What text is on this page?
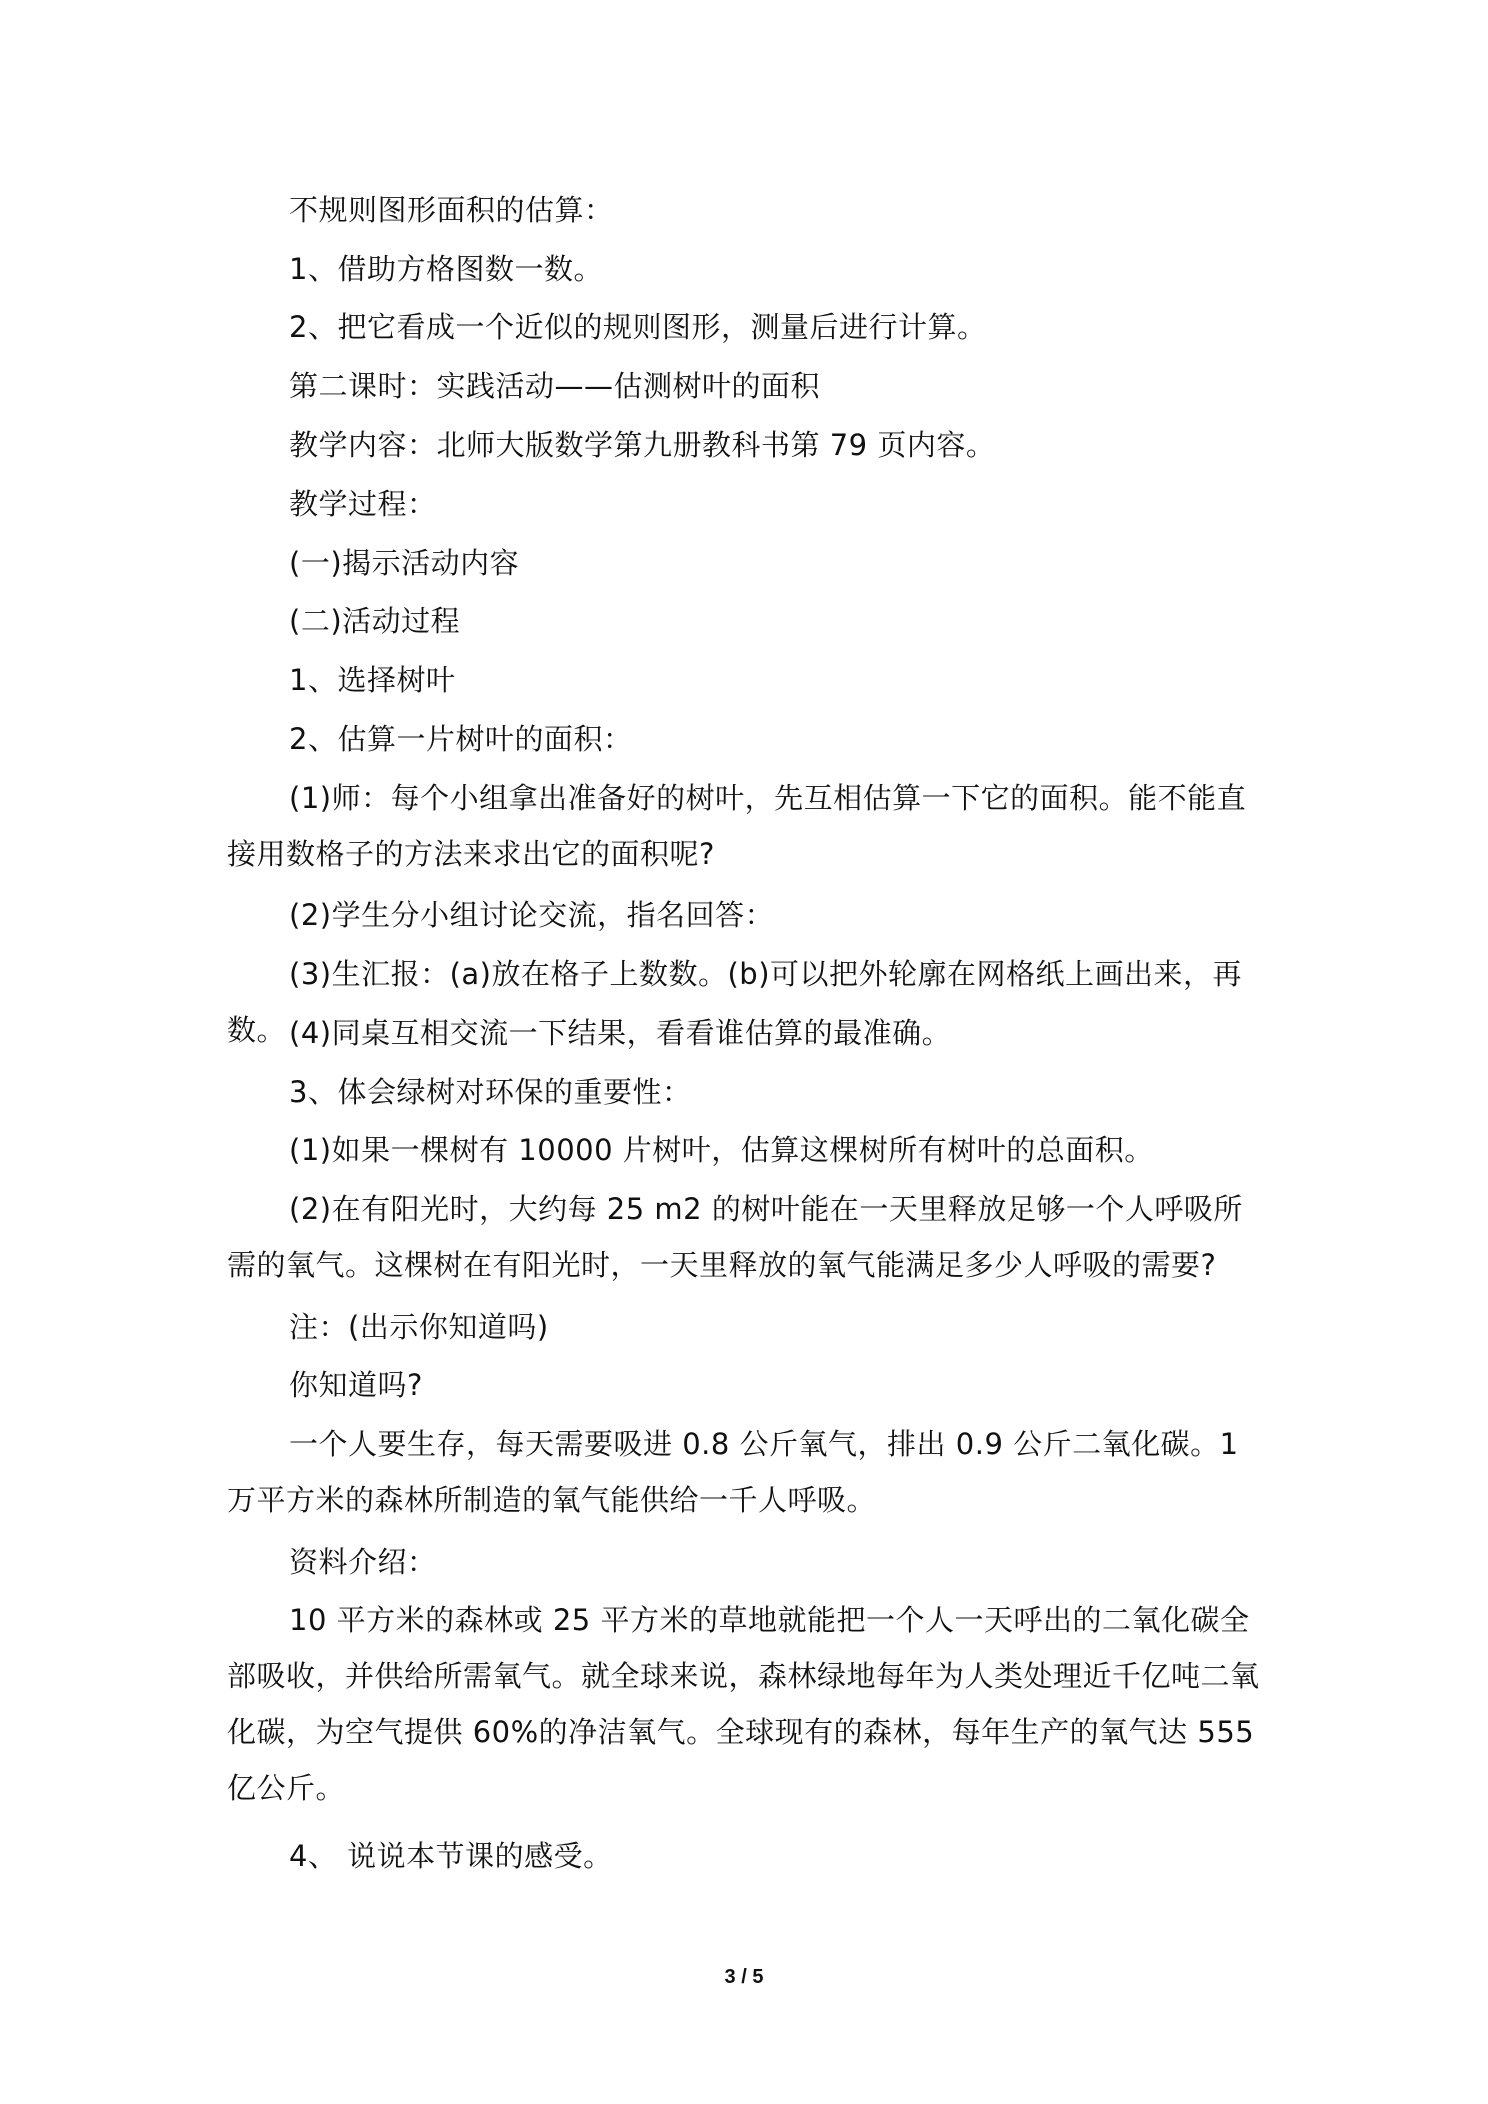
不规则图形面积的估算：

1、借助方格图数一数。

2、把它看成一个近似的规则图形，测量后进行计算。

第二课时：实践活动——估测树叶的面积

教学内容：北师大版数学第九册教科书第 79 页内容。

教学过程：

(一)揭示活动内容

(二)活动过程

1、选择树叶

2、估算一片树叶的面积：

(1)师：每个小组拿出准备好的树叶，先互相估算一下它的面积。能不能直接用数格子的方法来求出它的面积呢?

(2)学生分小组讨论交流，指名回答：

(3)生汇报：(a)放在格子上数数。(b)可以把外轮廓在网格纸上画出来，再数。 (4)同桌互相交流一下结果，看看谁估算的最准确。

3、体会绿树对环保的重要性：

(1)如果一棵树有 10000 片树叶，估算这棵树所有树叶的总面积。

(2)在有阳光时，大约每 25 m2 的树叶能在一天里释放足够一个人呼吸所需的氧气。这棵树在有阳光时，一天里释放的氧气能满足多少人呼吸的需要?

注：(出示你知道吗)

你知道吗?

一个人要生存，每天需要吸进 0.8 公斤氧气，排出 0.9 公斤二氧化碳。1 万平方米的森林所制造的氧气能供给一千人呼吸。

资料介绍：

10 平方米的森林或 25 平方米的草地就能把一个人一天呼出的二氧化碳全部吸收，并供给所需氧气。就全球来说，森林绿地每年为人类处理近千亿吨二氧化碳，为空气提供 60%的净洁氧气。全球现有的森林，每年生产的氧气达 555 亿公斤。

4、 说说本节课的感受。

3 / 5
